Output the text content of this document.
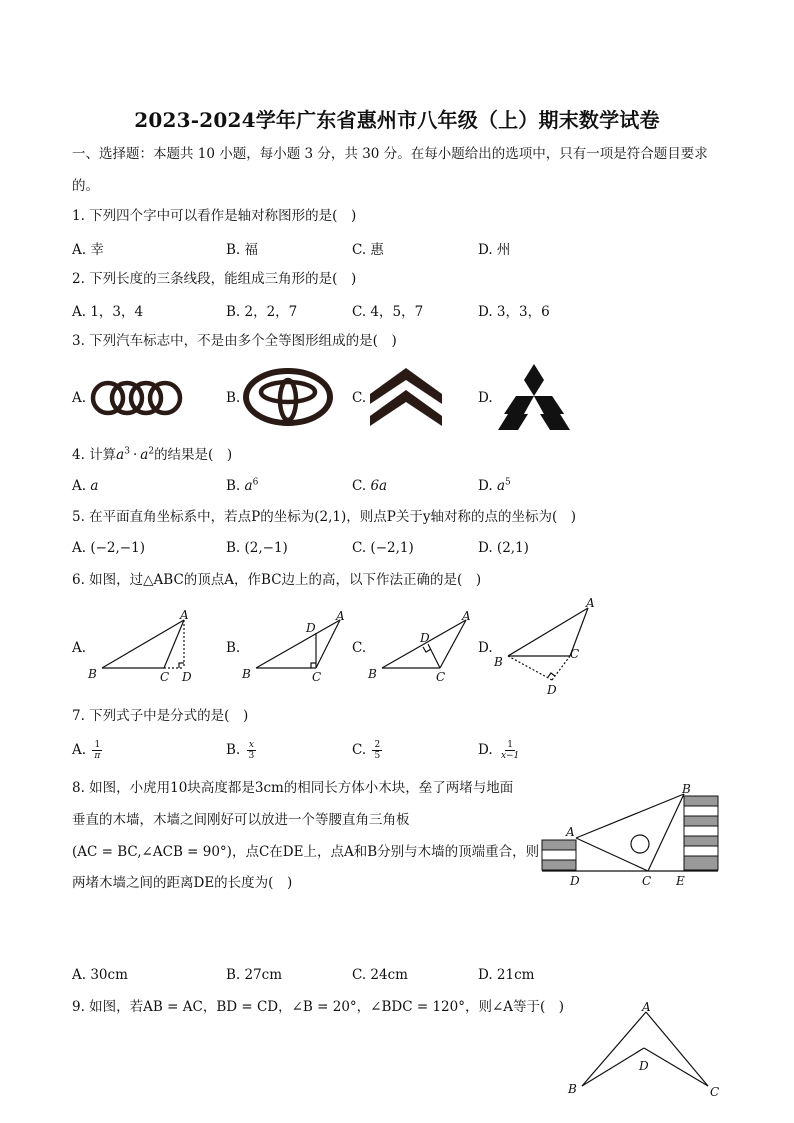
2023-2024学年广东省惠州市八年级（上）期末数学试卷
一、选择题：本题共 10 小题，每小题 3 分，共 30 分。在每小题给出的选项中，只有一项是符合题目要求
的。
1. 下列四个字中可以看作是轴对称图形的是(　)
A. 幸	B. 福	C. 惠	D. 州
2. 下列长度的三条线段，能组成三角形的是(　)
A. 1，3，4	B. 2，2，7	C. 4，5，7	D. 3，3，6
3. 下列汽车标志中，不是由多个全等图形组成的是(　)
A.	B.	C.	D.
4. 计算$a^3 \cdot a^2$的结果是(　)
A. a	B. $a^6$	C. 6a	D. $a^5$
5. 在平面直角坐标系中，若点P的坐标为(2,1)，则点P关于y轴对称的点的坐标为(　)
A. (−2,−1)	B. (2,−1)	C. (−2,1)	D. (2,1)
6. 如图，过△ABC的顶点A，作BC边上的高，以下作法正确的是(　)
A.	B.	C.	D.
A
B	C D
D
A
B	C
D
A
B	C
A
B
C
D
7. 下列式子中是分式的是(　)
A. $\frac{1}{\pi}$	B. $\frac{x}{3}$	C. $\frac{2}{5}$	D. $\frac{1}{x-1}$
8. 如图，小虎用10块高度都是3cm的相同长方体小木块，垒了两堵与地面
垂直的木墙，木墙之间刚好可以放进一个等腰直角三角板
(AC = BC,∠ACB = 90°)，点C在DE上，点A和B分别与木墙的顶端重合，则
两堵木墙之间的距离DE的长度为(　)
A
B
D	C E
A. 30cm	B. 27cm	C. 24cm	D. 21cm
9. 如图，若AB = AC，BD = CD，∠B = 20°，∠BDC = 120°，则∠A等于(　)	A
D
B	C
